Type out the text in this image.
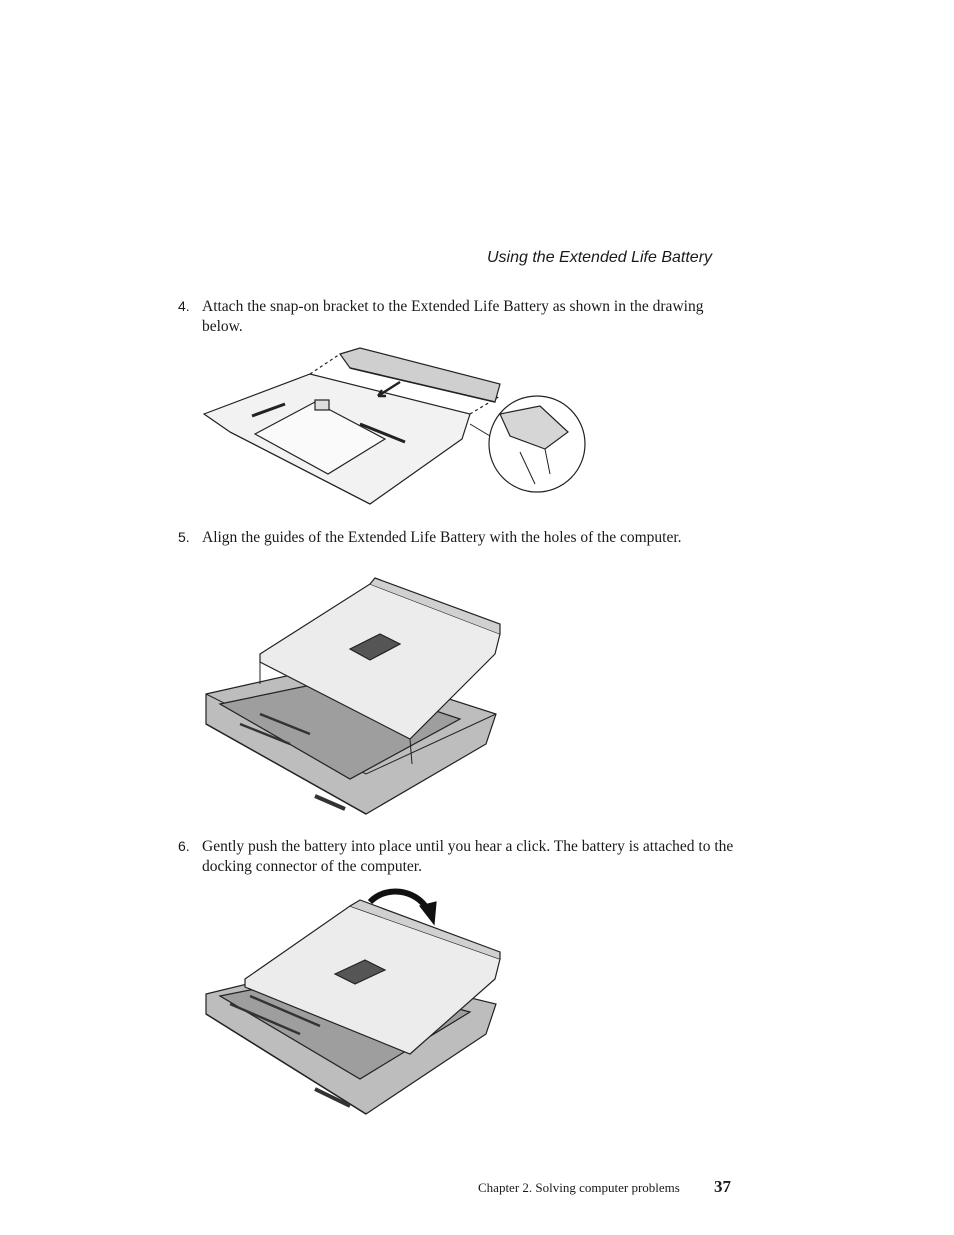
Using the Extended Life Battery
4. Attach the snap-on bracket to the Extended Life Battery as shown in the drawing below.
5. Align the guides of the Extended Life Battery with the holes of the computer.
6. Gently push the battery into place until you hear a click. The battery is attached to the docking connector of the computer.
Chapter 2. Solving computer problems 37
